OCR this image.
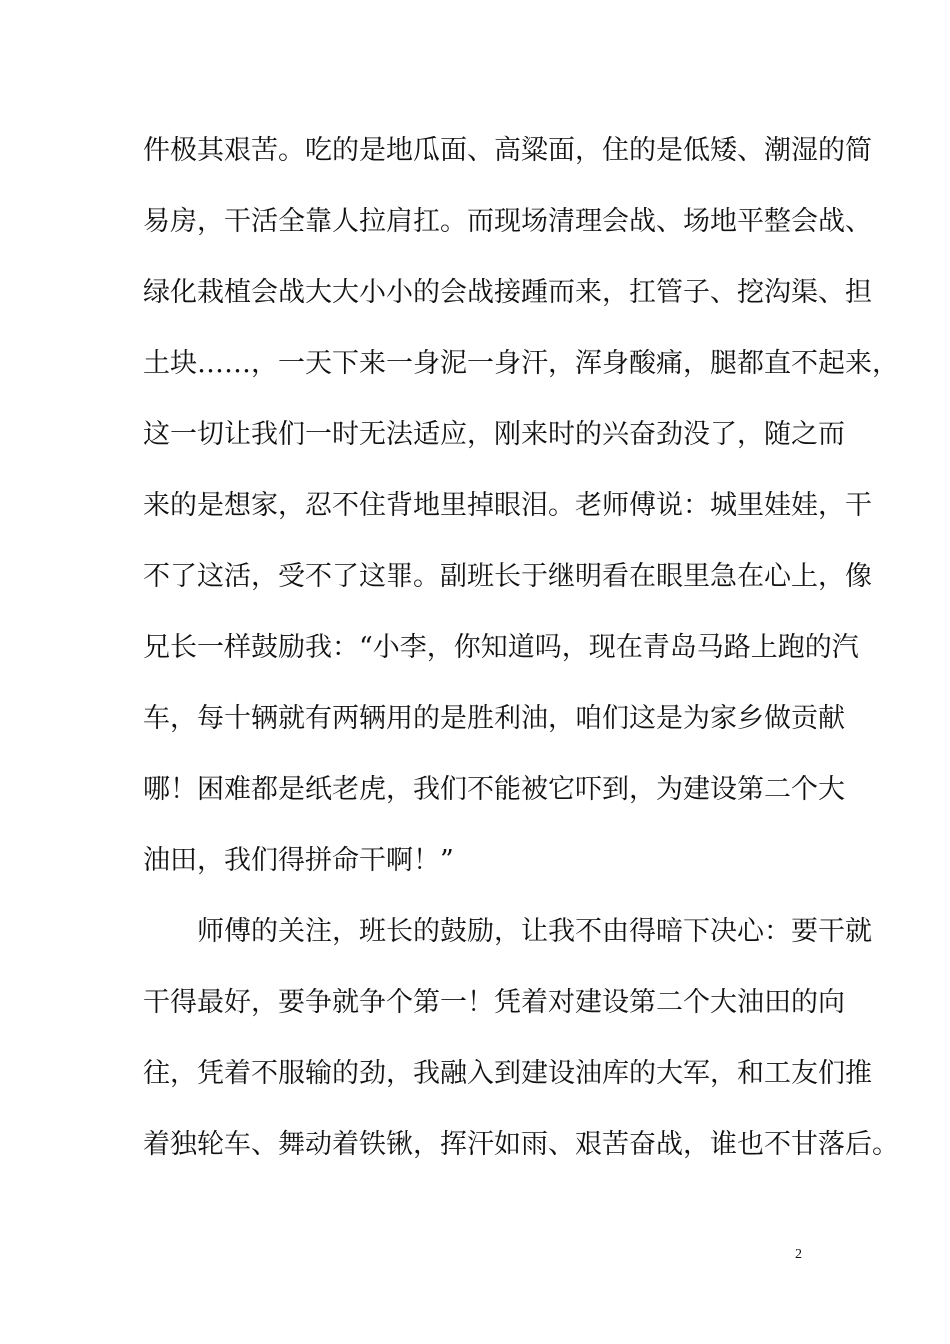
件极其艰苦。吃的是地瓜面、高粱面，住的是低矮、潮湿的简
易房，干活全靠人拉肩扛。而现场清理会战、场地平整会战、
绿化栽植会战大大小小的会战接踵而来，扛管子、挖沟渠、担
土块……，一天下来一身泥一身汗，浑身酸痛，腿都直不起来，
这一切让我们一时无法适应，刚来时的兴奋劲没了，随之而
来的是想家，忍不住背地里掉眼泪。老师傅说：城里娃娃，干
不了这活，受不了这罪。副班长于继明看在眼里急在心上，像
兄长一样鼓励我：“小李，你知道吗，现在青岛马路上跑的汽
车，每十辆就有两辆用的是胜利油，咱们这是为家乡做贡献
哪！困难都是纸老虎，我们不能被它吓到，为建设第二个大
油田，我们得拼命干啊！”
　　师傅的关注，班长的鼓励，让我不由得暗下决心：要干就
干得最好，要争就争个第一！凭着对建设第二个大油田的向
往，凭着不服输的劲，我融入到建设油库的大军，和工友们推
着独轮车、舞动着铁锹，挥汗如雨、艰苦奋战，谁也不甘落后。
2
